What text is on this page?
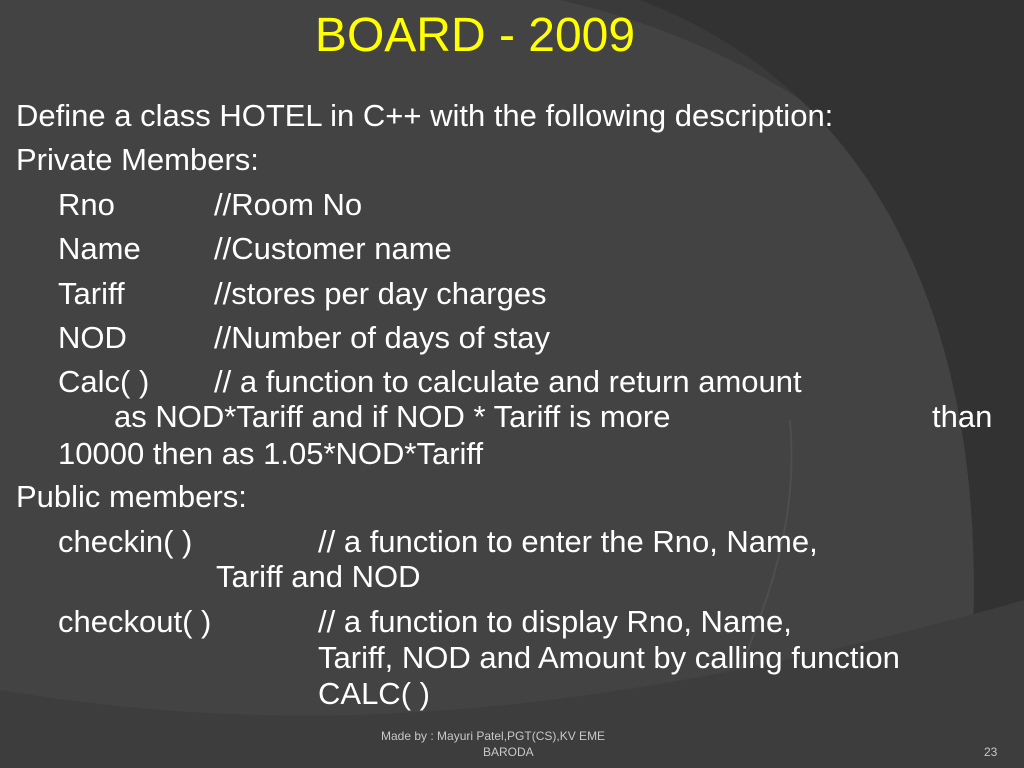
BOARD - 2009
Define a class HOTEL in C++ with the following description:
Private Members:
Rno	//Room No
Name //Customer name
Tariff	//stores per day charges
NOD	//Number of days of stay
Calc( ) // a function to calculate and return amount
as NOD*Tariff and if NOD * Tariff is more	than
10000 then as 1.05*NOD*Tariff
Public members:
checkin( )	// a function to enter the Rno, Name,
Tariff and NOD
checkout( )	// a function to display Rno, Name,
Tariff, NOD and Amount by calling function
CALC( )
Made by : Mayuri Patel,PGT(CS),KV EME
BARODA	23
